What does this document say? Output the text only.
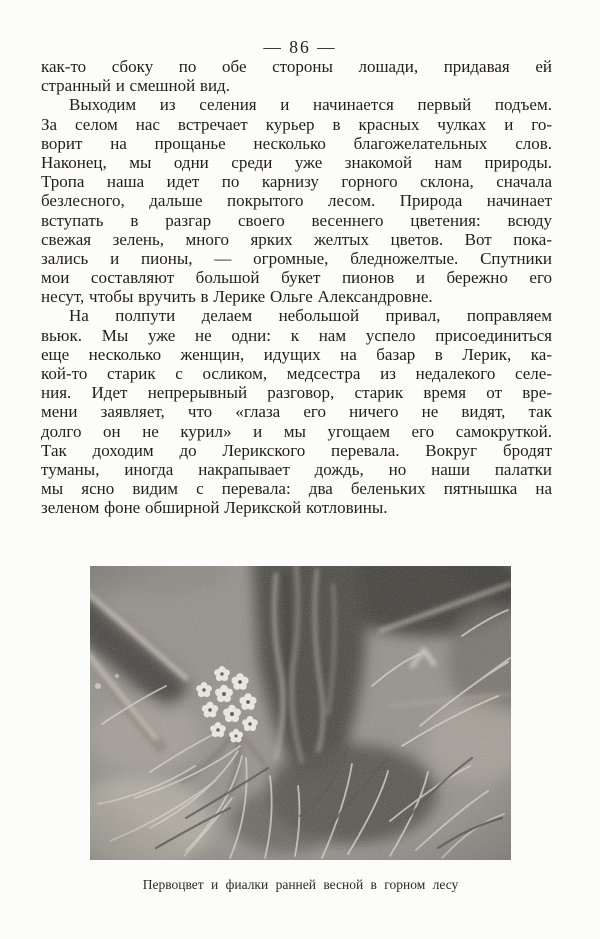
— 86 —
как-то сбоку по обе стороны лошади, придавая ей
странный и смешной вид.
Выходим из селения и начинается первый подъем.
За селом нас встречает курьер в красных чулках и го-
ворит на прощанье несколько благожелательных слов.
Наконец, мы одни среди уже знакомой нам природы.
Тропа наша идет по карнизу горного склона, сначала
безлесного, дальше покрытого лесом. Природа начинает
вступать в разгар своего весеннего цветения: всюду
свежая зелень, много ярких желтых цветов. Вот пока-
зались и пионы, — огромные, бледножелтые. Спутники
мои составляют большой букет пионов и бережно его
несут, чтобы вручить в Лерике Ольге Александровне.
На полпути делаем небольшой привал, поправляем
вьюк. Мы уже не одни: к нам успело присоединиться
еще несколько женщин, идущих на базар в Лерик, ка-
кой-то старик с осликом, медсестра из недалекого селе-
ния. Идет непрерывный разговор, старик время от вре-
мени заявляет, что «глаза его ничего не видят, так
долго он не курил» и мы угощаем его самокруткой.
Так доходим до Лерикского перевала. Вокруг бродят
туманы, иногда накрапывает дождь, но наши палатки
мы ясно видим с перевала: два беленьких пятнышка на
зеленом фоне обширной Лерикской котловины.
Первоцвет и фиалки ранней весной в горном лесу
